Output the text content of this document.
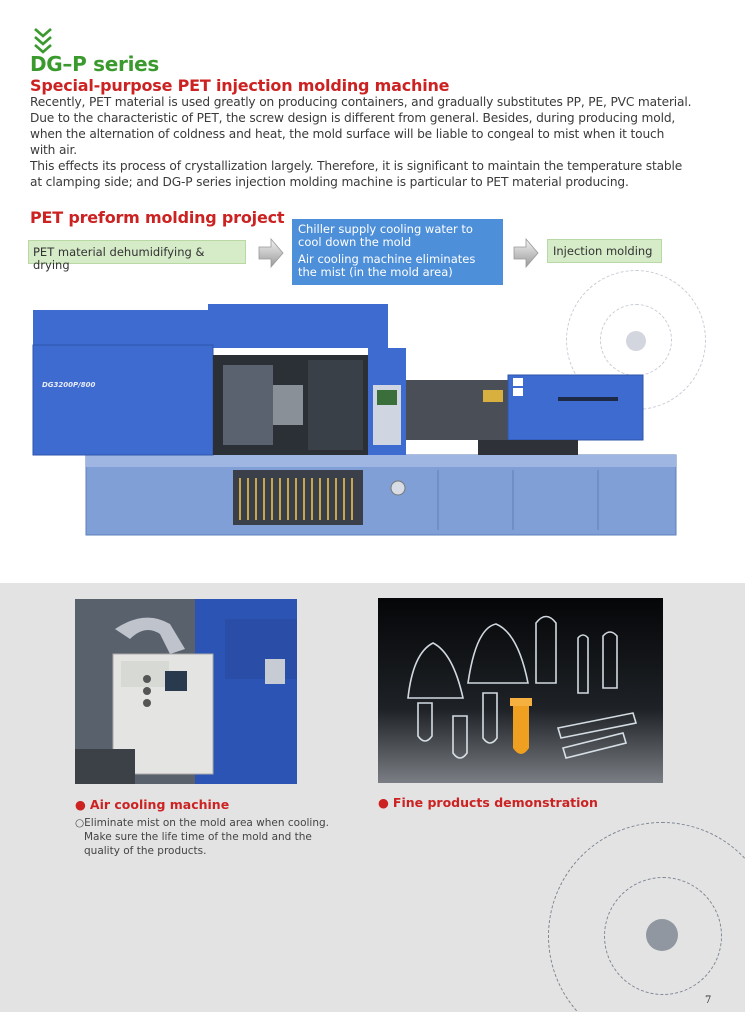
DG–P series
Special-purpose PET injection molding machine

Recently, PET material is used greatly on producing containers, and gradually substitutes PP, PE, PVC material.

Due to the characteristic of PET, the screw design is different from general. Besides, during producing mold,

when the alternation of coldness and heat, the mold surface will be liable to congeal to mist when it touch

with air.

This effects its process of crystallization largely. Therefore, it is significant to maintain the temperature stable

at clamping side; and DG-P series injection molding machine is particular to PET material producing.

PET preform molding project
PET material dehumidifying & drying
Chiller supply cooling water to cool down the mold
Air cooling machine eliminates the mist (in the mold area)
Injection molding
DG3200P/800
● Air cooling machine
○Eliminate mist on the mold area when cooling.
Make sure the life time of the mold and the
quality of the products.
● Fine products demonstration
7
